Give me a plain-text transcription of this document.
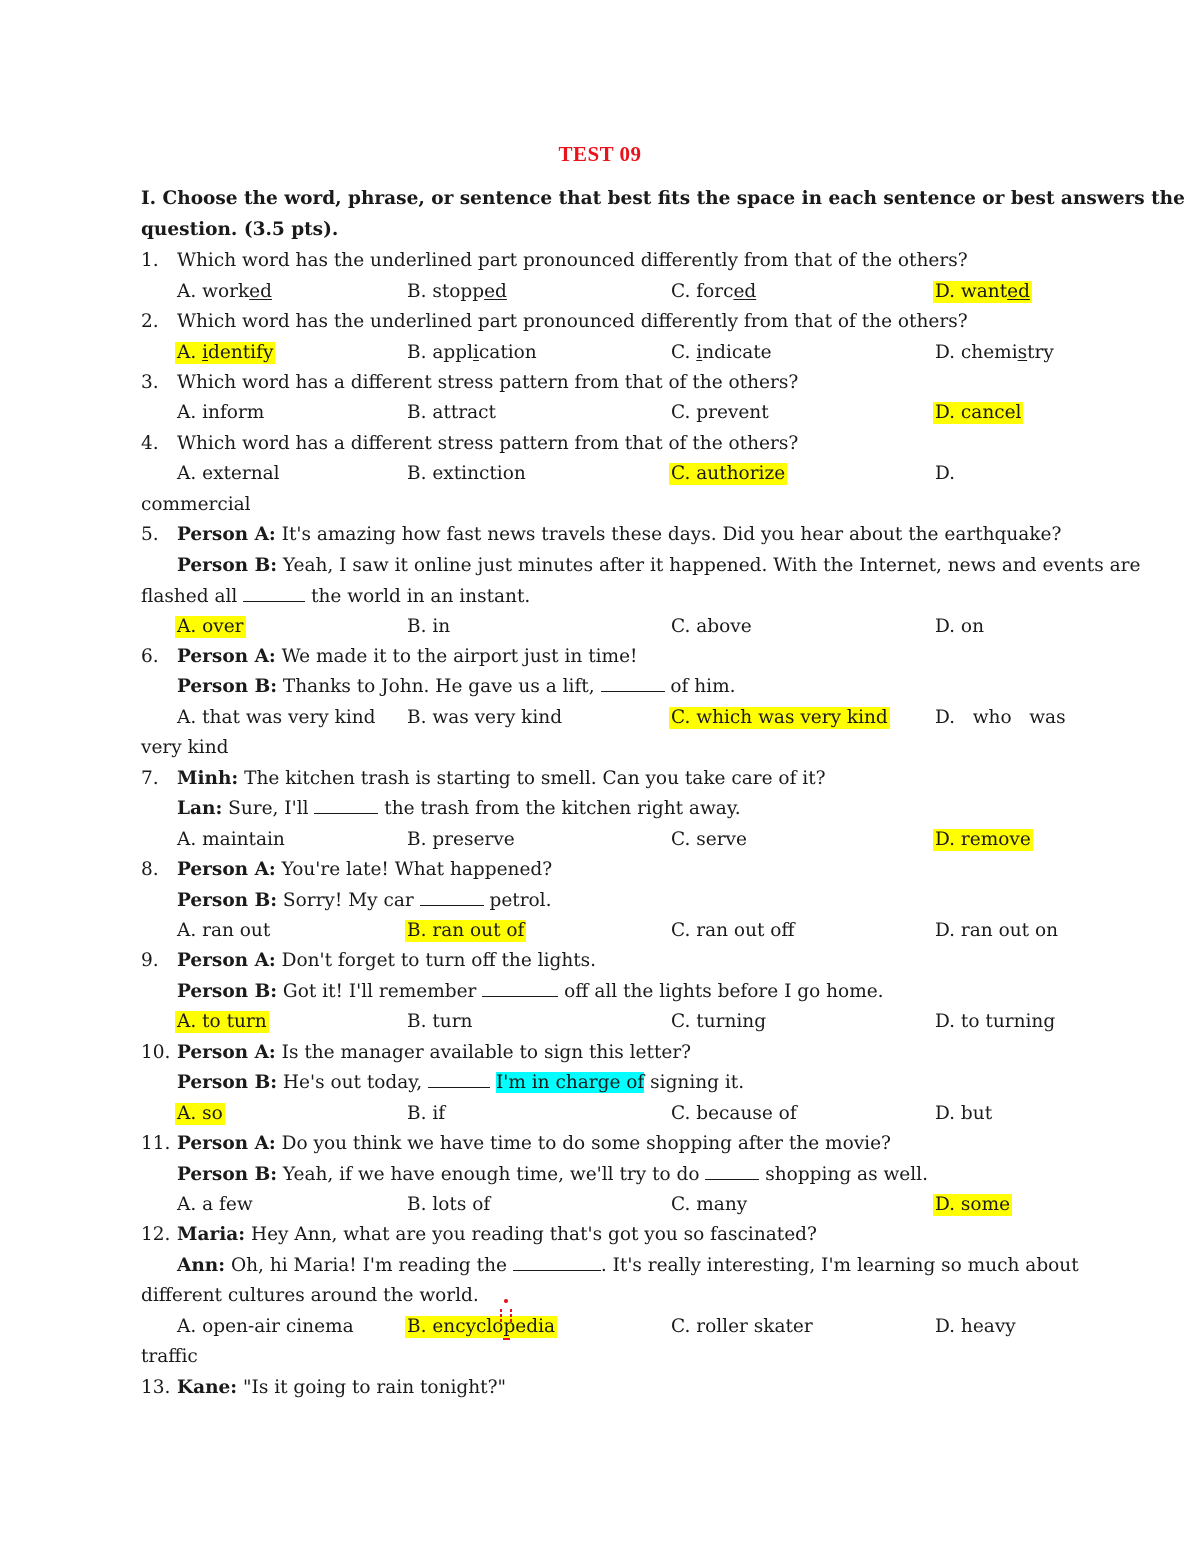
TEST 09
I. Choose the word, phrase, or sentence that best fits the space in each sentence or best answers the
question. (3.5 pts).
1. Which word has the underlined part pronounced differently from that of the others?
A. worked	B. stopped	C. forced	D. wanted
2. Which word has the underlined part pronounced differently from that of the others?
A. identify	B. application	C. indicate	D. chemistry
3. Which word has a different stress pattern from that of the others?
A. inform	B. attract	C. prevent	D. cancel
4. Which word has a different stress pattern from that of the others?
A. external	B. extinction	C. authorize	D.
commercial
5. Person A: It's amazing how fast news travels these days. Did you hear about the earthquake?
Person B: Yeah, I saw it online just minutes after it happened. With the Internet, news and events are
flashed all	the world in an instant.
A. over	B. in	C. above	D. on
6. Person A: We made it to the airport just in time!
Person B: Thanks to John. He gave us a lift,	of him.
A. that was very kind B. was very kind	C. which was very kind	D.   who   was
very kind
7. Minh: The kitchen trash is starting to smell. Can you take care of it?
Lan: Sure, I'll	the trash from the kitchen right away.
A. maintain	B. preserve	C. serve	D. remove
8. Person A: You're late! What happened?
Person B: Sorry! My car	petrol.
A. ran out	B. ran out of	C. ran out off	D. ran out on
9. Person A: Don't forget to turn off the lights.
Person B: Got it! I'll remember	off all the lights before I go home.
A. to turn	B. turn	C. turning	D. to turning
10. Person A: Is the manager available to sign this letter?
Person B: He's out today,	I'm in charge of signing it.
A. so	B. if	C. because of	D. but
11. Person A: Do you think we have time to do some shopping after the movie?
Person B: Yeah, if we have enough time, we'll try to do	shopping as well.
A. a few	B. lots of	C. many	D. some
12. Maria: Hey Ann, what are you reading that's got you so fascinated?
Ann: Oh, hi Maria! I'm reading the	. It's really interesting, I'm learning so much about
different cultures around the world.
A. open-air cinema	B. encyclopedia	C. roller skater	D. heavy
traffic
13. Kane: "Is it going to rain tonight?"
